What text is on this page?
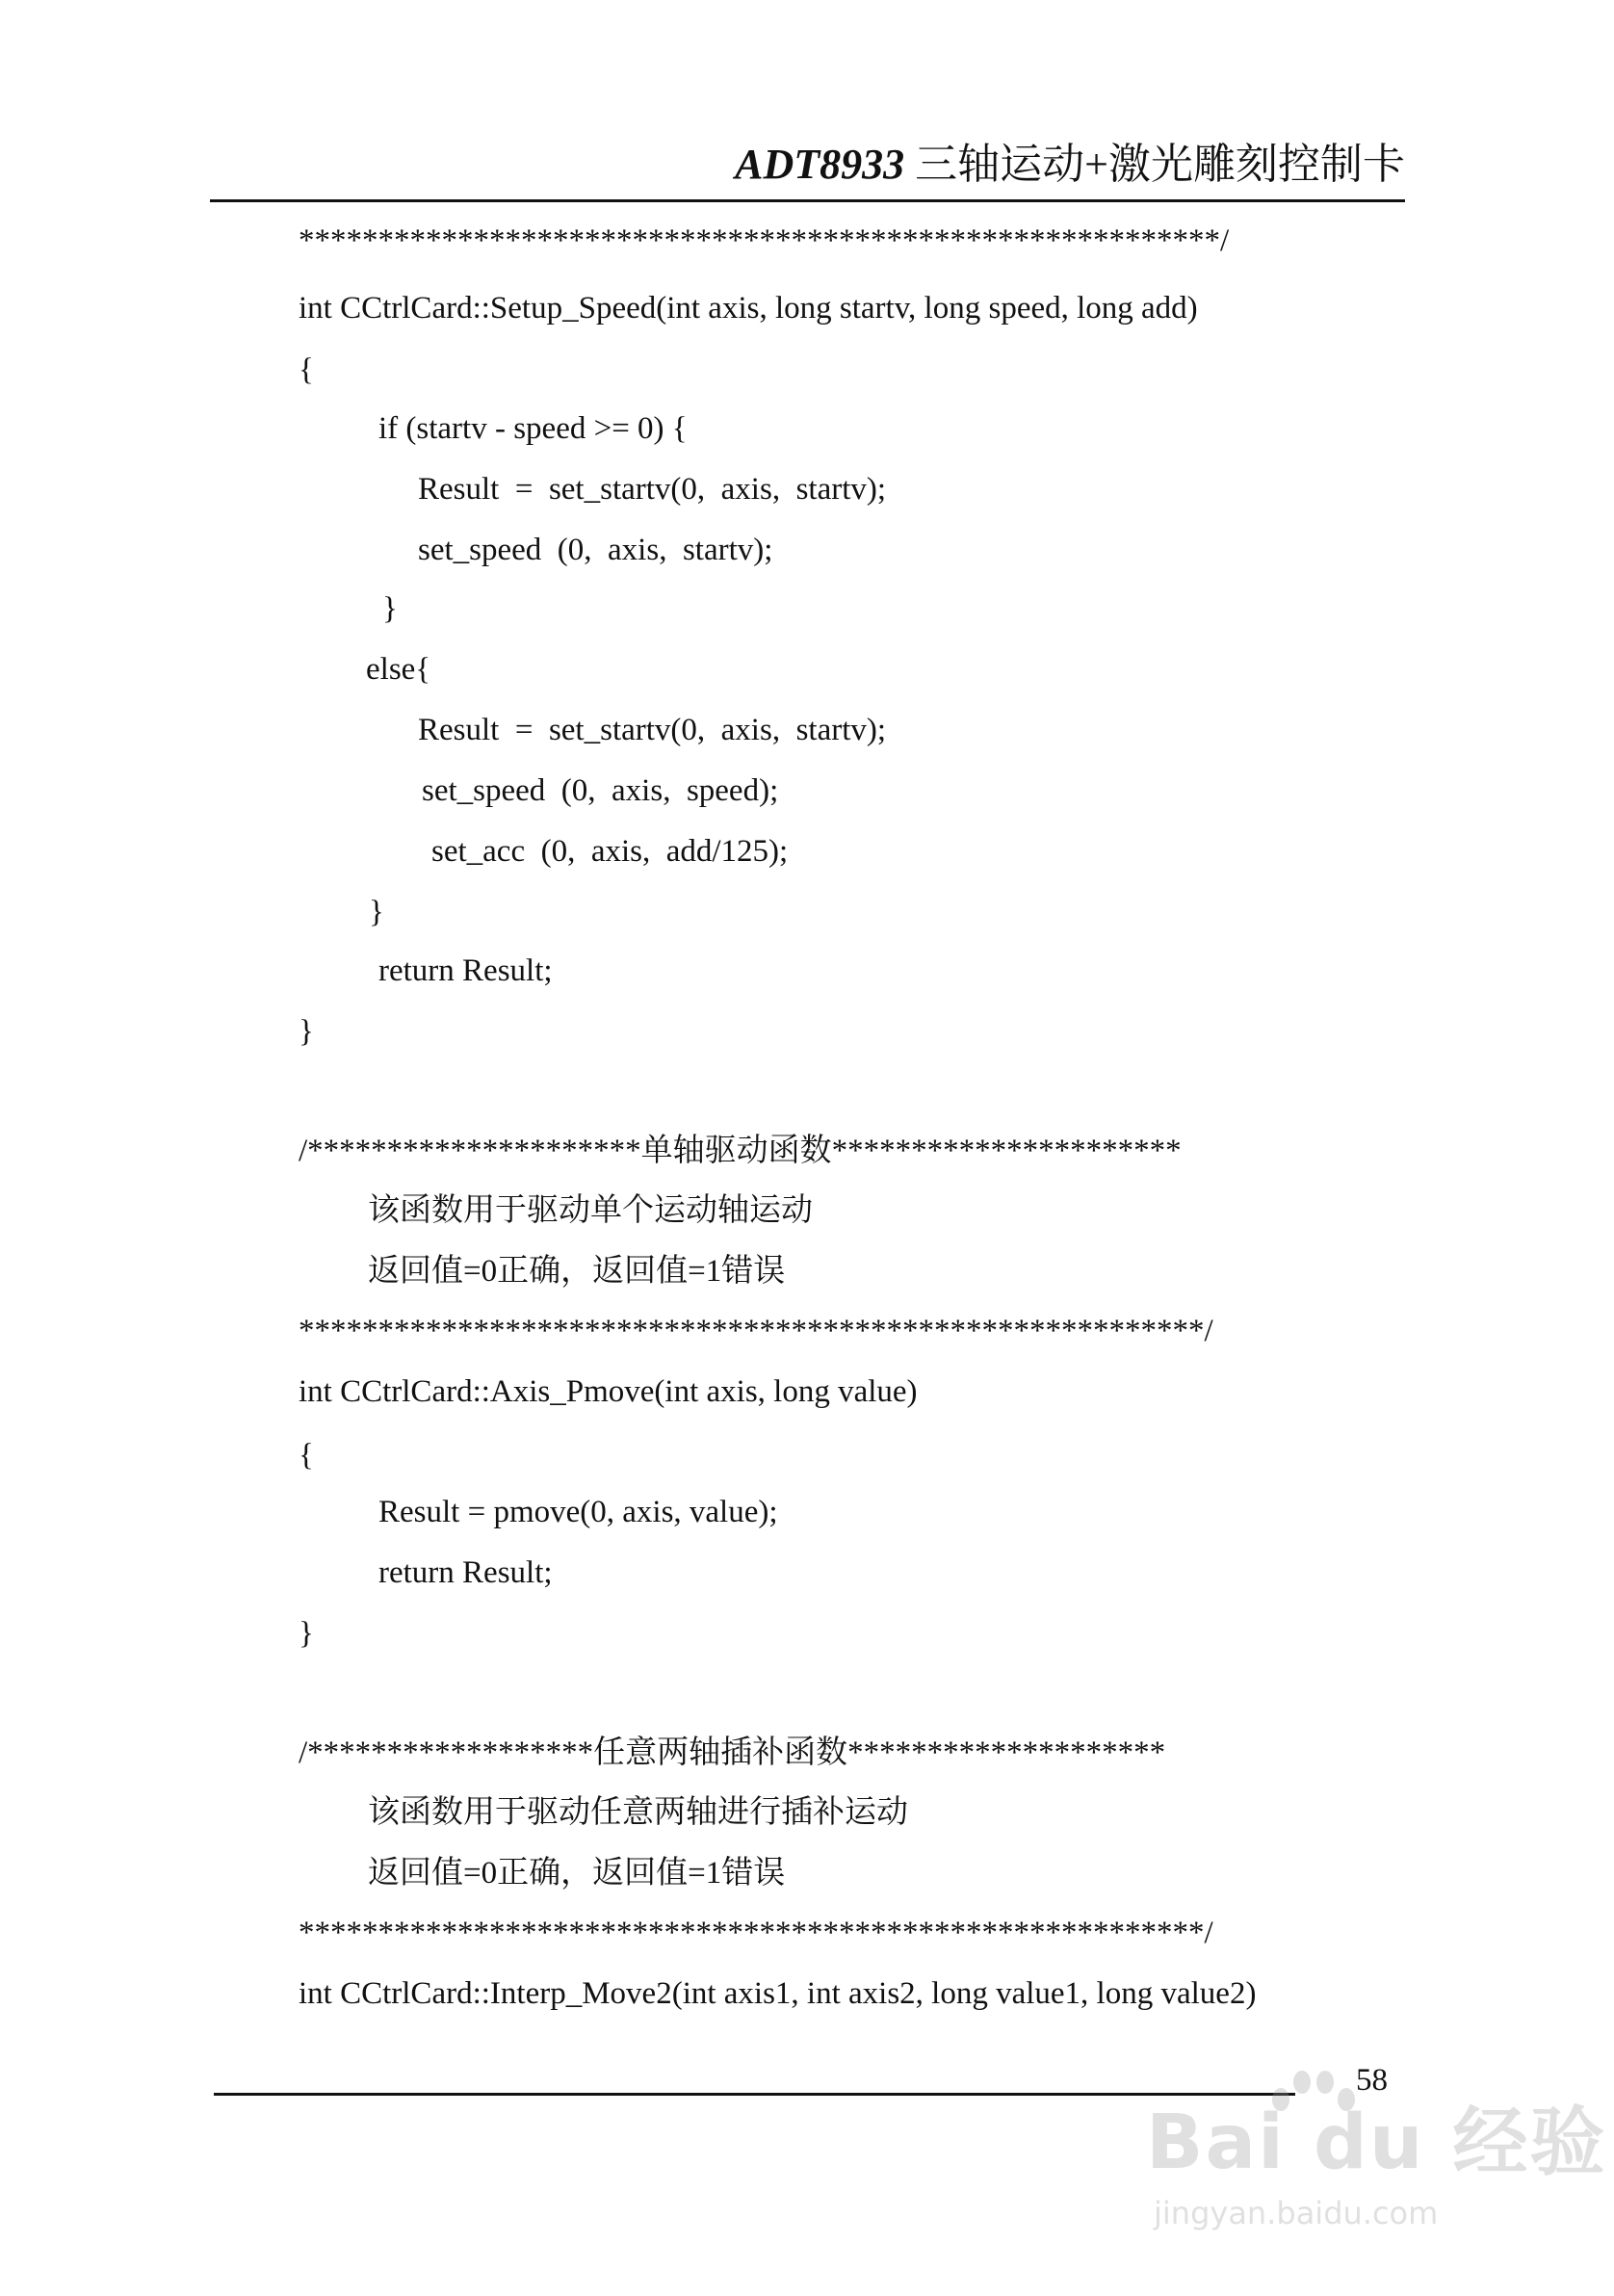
ADT8933 三轴运动+激光雕刻控制卡
**********************************************************/
int CCtrlCard::Setup_Speed(int axis, long startv, long speed, long add)
{
if (startv - speed >= 0) {
Result  =  set_startv(0,  axis,  startv);
set_speed  (0,  axis,  startv);
}
else{
Result  =  set_startv(0,  axis,  startv);
set_speed  (0,  axis,  speed);
set_acc  (0,  axis,  add/125);
}
return Result;
}
/*********************单轴驱动函数**********************
该函数用于驱动单个运动轴运动
返回值=0正确，返回值=1错误
*********************************************************/
int CCtrlCard::Axis_Pmove(int axis, long value)
{
Result = pmove(0, axis, value);
return Result;
}
/******************任意两轴插补函数********************
该函数用于驱动任意两轴进行插补运动
返回值=0正确，返回值=1错误
*********************************************************/
int CCtrlCard::Interp_Move2(int axis1, int axis2, long value1, long value2)
58
Bai du 经验
jingyan.baidu.com
